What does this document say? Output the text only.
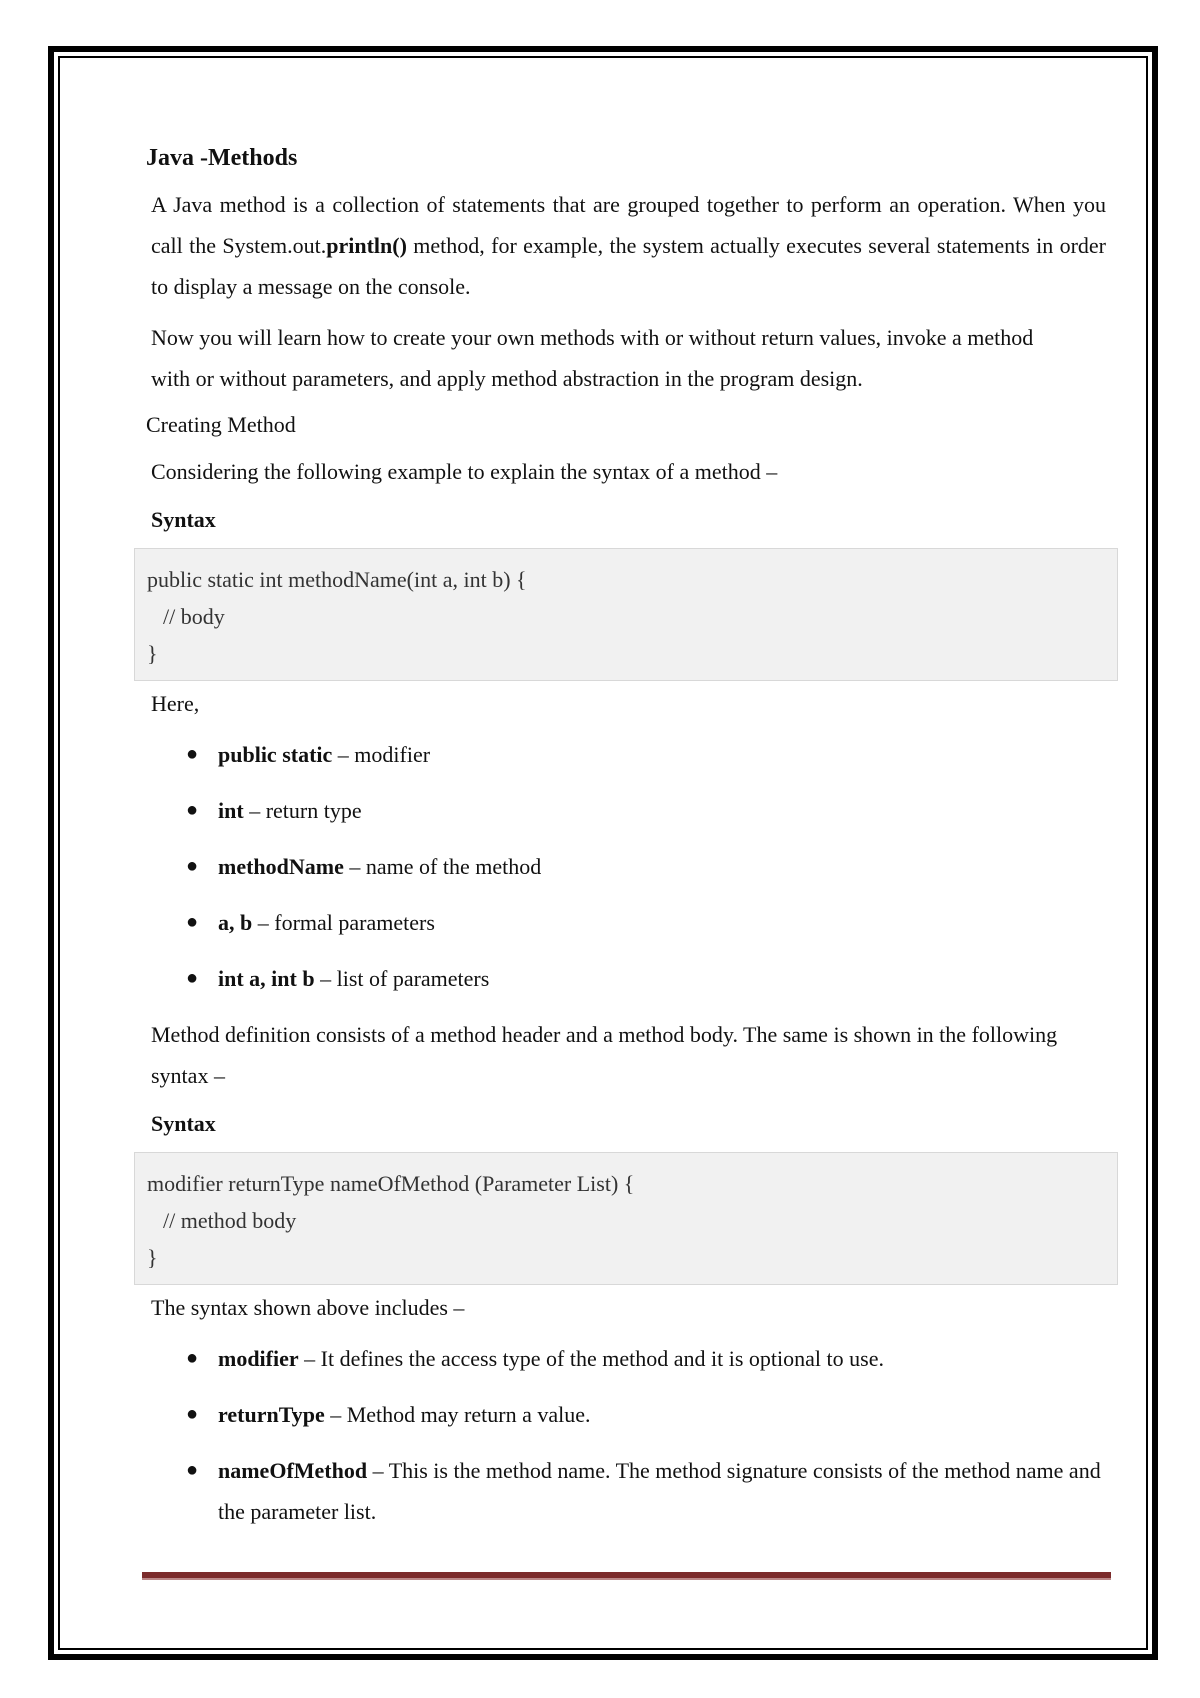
Java -Methods

A Java method is a collection of statements that are grouped together to perform an operation. When you call the System.out.println() method, for example, the system actually executes several statements in order to display a message on the console.

Now you will learn how to create your own methods with or without return values, invoke a method with or without parameters, and apply method abstraction in the program design.

Creating Method

Considering the following example to explain the syntax of a method –

Syntax
public static int methodName(int a, int b) {
// body
}

Here,

● public static – modifier
● int – return type
● methodName – name of the method
● a, b – formal parameters
● int a, int b – list of parameters

Method definition consists of a method header and a method body. The same is shown in the following syntax –

Syntax
modifier returnType nameOfMethod (Parameter List) {
// method body
}

The syntax shown above includes –

● modifier – It defines the access type of the method and it is optional to use.
● returnType – Method may return a value.
● nameOfMethod – This is the method name. The method signature consists of the method name and the parameter list.
